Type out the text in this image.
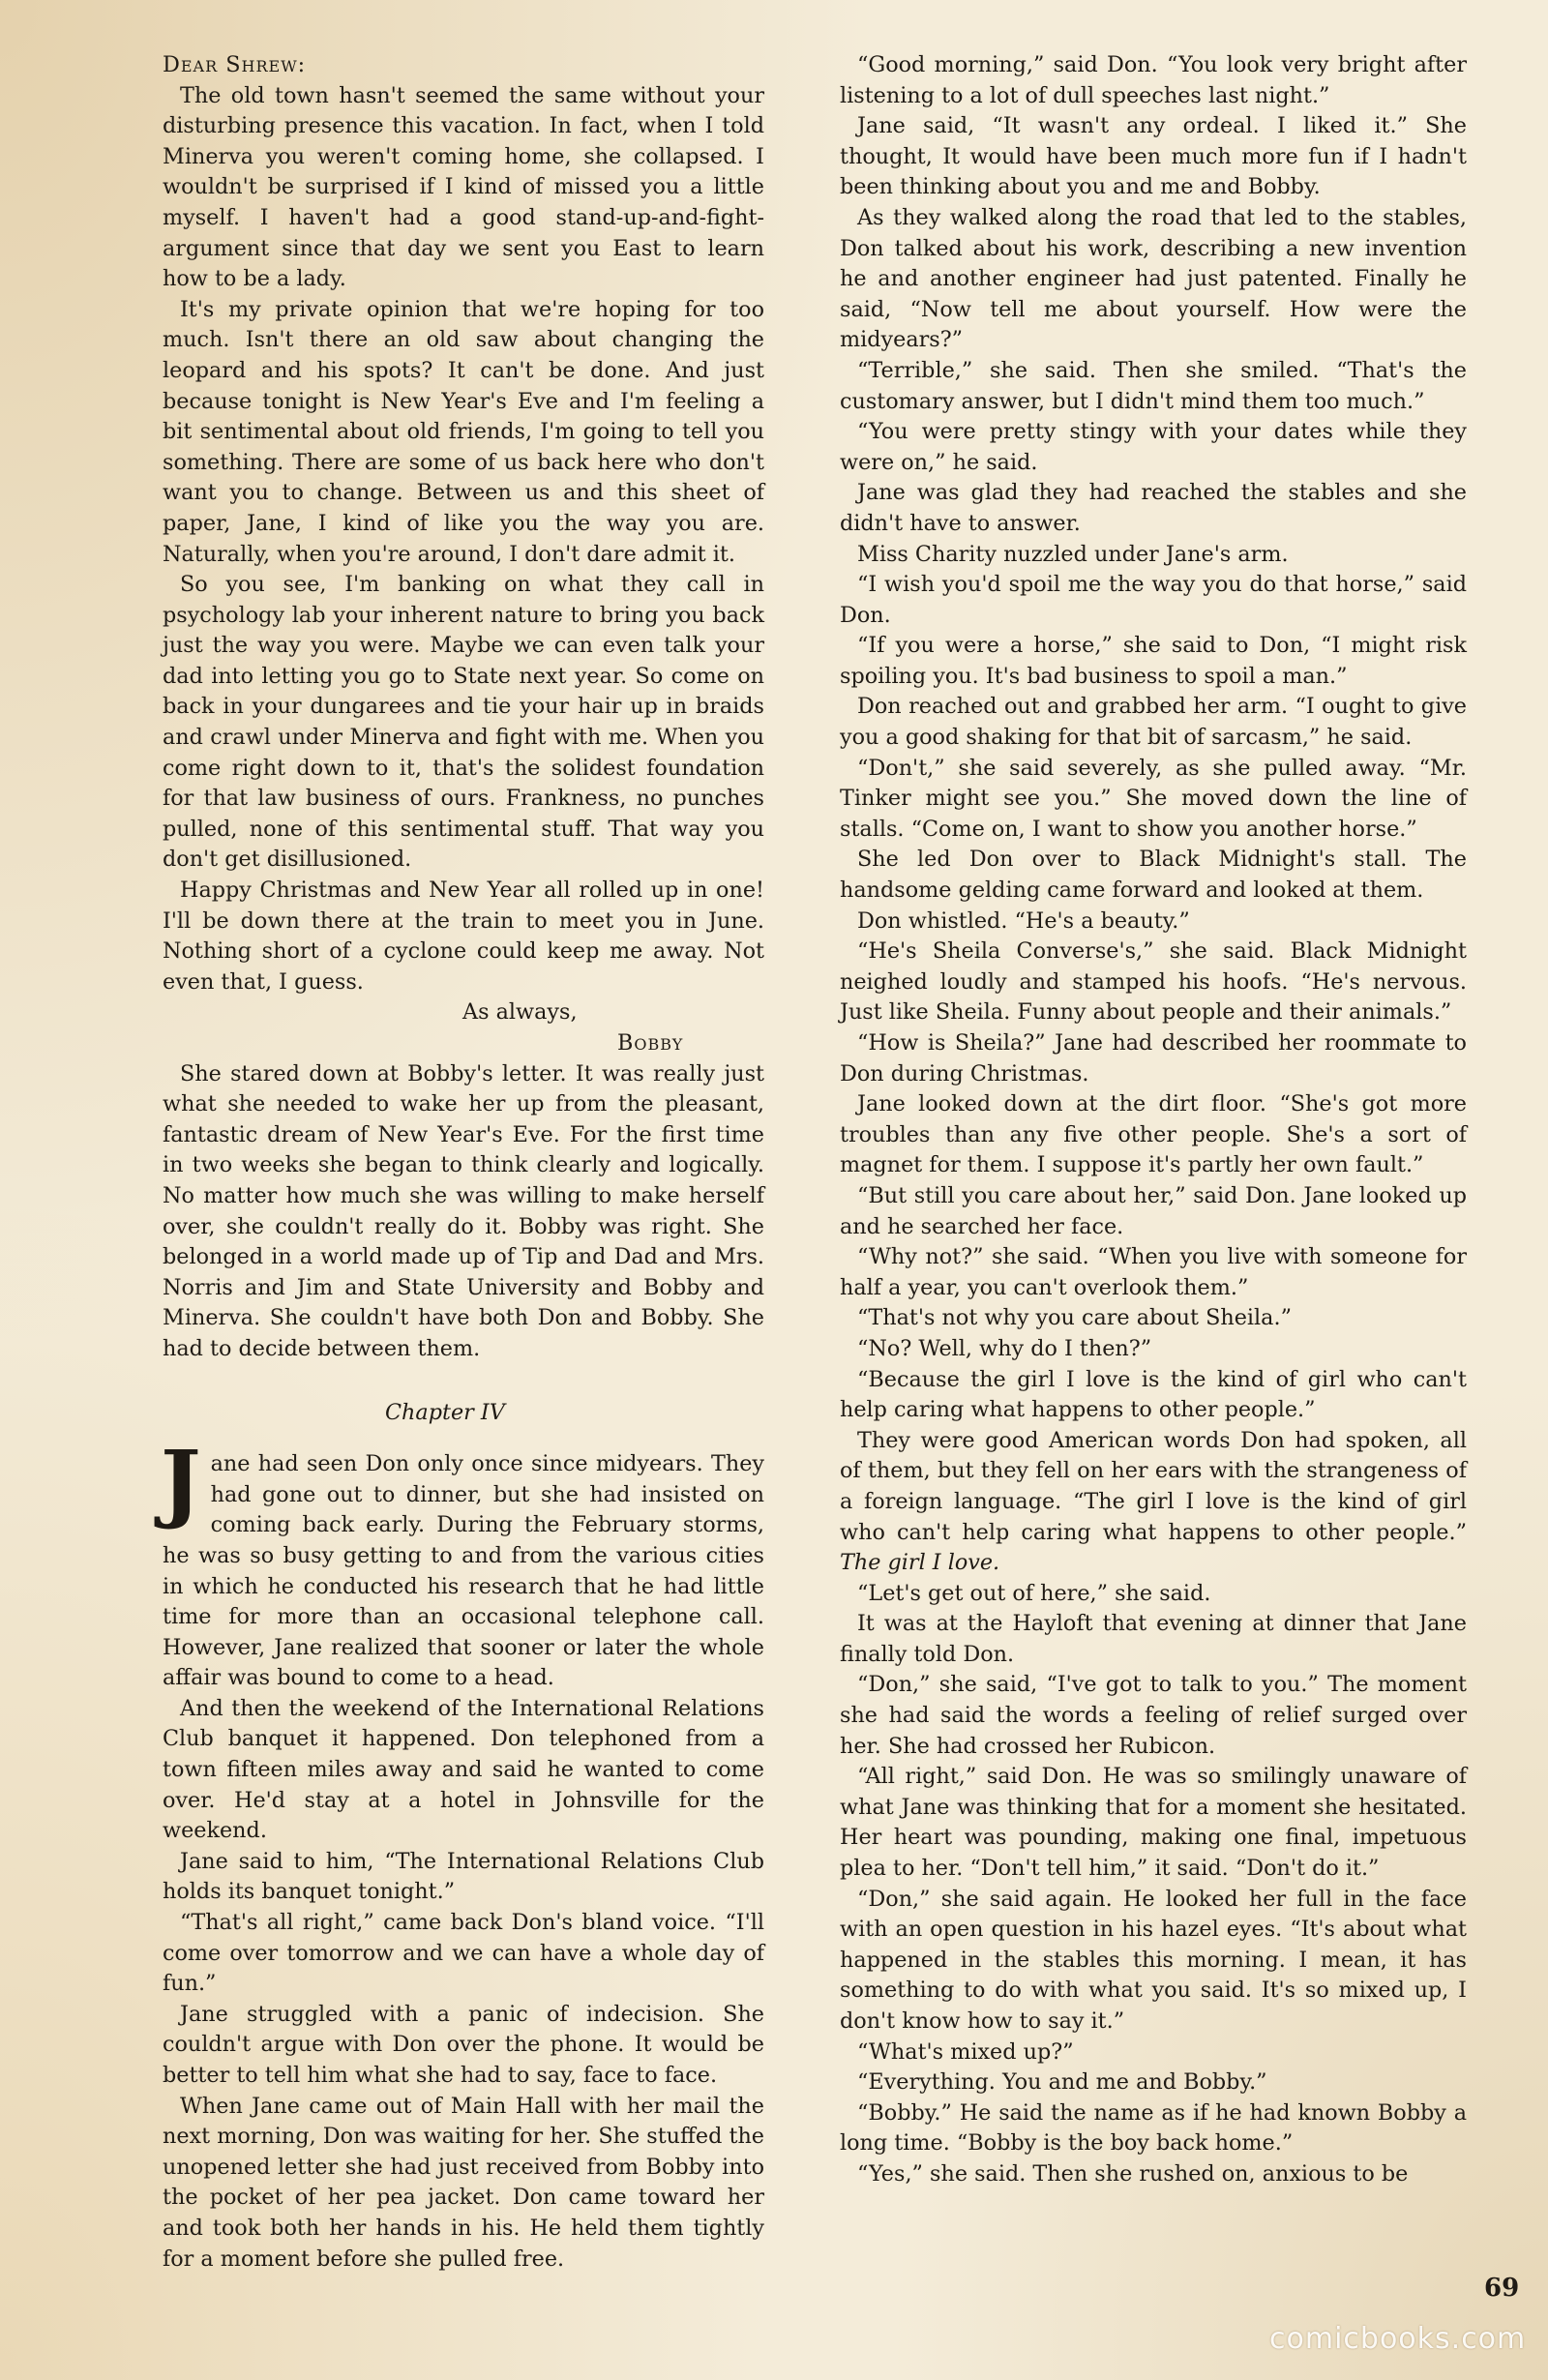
Dear Shrew:

The old town hasn't seemed the same without your disturbing presence this vacation. In fact, when I told Minerva you weren't coming home, she collapsed. I wouldn't be surprised if I kind of missed you a little myself. I haven't had a good stand-up-and-fight-argument since that day we sent you East to learn how to be a lady.

It's my private opinion that we're hoping for too much. Isn't there an old saw about changing the leopard and his spots? It can't be done. And just because tonight is New Year's Eve and I'm feeling a bit sentimental about old friends, I'm going to tell you something. There are some of us back here who don't want you to change. Between us and this sheet of paper, Jane, I kind of like you the way you are. Naturally, when you're around, I don't dare admit it.

So you see, I'm banking on what they call in psychology lab your inherent nature to bring you back just the way you were. Maybe we can even talk your dad into letting you go to State next year. So come on back in your dungarees and tie your hair up in braids and crawl under Minerva and fight with me. When you come right down to it, that's the solidest foundation for that law business of ours. Frankness, no punches pulled, none of this sentimental stuff. That way you don't get disillusioned.

Happy Christmas and New Year all rolled up in one! I'll be down there at the train to meet you in June. Nothing short of a cyclone could keep me away. Not even that, I guess.

As always,

Bobby

She stared down at Bobby's letter. It was really just what she needed to wake her up from the pleasant, fantastic dream of New Year's Eve. For the first time in two weeks she began to think clearly and logically. No matter how much she was willing to make herself over, she couldn't really do it. Bobby was right. She belonged in a world made up of Tip and Dad and Mrs. Norris and Jim and State University and Bobby and Minerva. She couldn't have both Don and Bobby. She had to decide between them.

Chapter IV

Jane had seen Don only once since midyears. They had gone out to dinner, but she had insisted on coming back early. During the February storms, he was so busy getting to and from the various cities in which he conducted his research that he had little time for more than an occasional telephone call. However, Jane realized that sooner or later the whole affair was bound to come to a head.

And then the weekend of the International Relations Club banquet it happened. Don telephoned from a town fifteen miles away and said he wanted to come over. He'd stay at a hotel in Johnsville for the weekend.

Jane said to him, “The International Relations Club holds its banquet tonight.”

“That's all right,” came back Don's bland voice. “I'll come over tomorrow and we can have a whole day of fun.”

Jane struggled with a panic of indecision. She couldn't argue with Don over the phone. It would be better to tell him what she had to say, face to face.

When Jane came out of Main Hall with her mail the next morning, Don was waiting for her. She stuffed the unopened letter she had just received from Bobby into the pocket of her pea jacket. Don came toward her and took both her hands in his. He held them tightly for a moment before she pulled free.

“Good morning,” said Don. “You look very bright after listening to a lot of dull speeches last night.”

Jane said, “It wasn't any ordeal. I liked it.” She thought, It would have been much more fun if I hadn't been thinking about you and me and Bobby.

As they walked along the road that led to the stables, Don talked about his work, describing a new invention he and another engineer had just patented. Finally he said, “Now tell me about yourself. How were the midyears?”

“Terrible,” she said. Then she smiled. “That's the customary answer, but I didn't mind them too much.”

“You were pretty stingy with your dates while they were on,” he said.

Jane was glad they had reached the stables and she didn't have to answer.

Miss Charity nuzzled under Jane's arm.

“I wish you'd spoil me the way you do that horse,” said Don.

“If you were a horse,” she said to Don, “I might risk spoiling you. It's bad business to spoil a man.”

Don reached out and grabbed her arm. “I ought to give you a good shaking for that bit of sarcasm,” he said.

“Don't,” she said severely, as she pulled away. “Mr. Tinker might see you.” She moved down the line of stalls. “Come on, I want to show you another horse.”

She led Don over to Black Midnight's stall. The handsome gelding came forward and looked at them.

Don whistled. “He's a beauty.”

“He's Sheila Converse's,” she said. Black Midnight neighed loudly and stamped his hoofs. “He's nervous. Just like Sheila. Funny about people and their animals.”

“How is Sheila?” Jane had described her roommate to Don during Christmas.

Jane looked down at the dirt floor. “She's got more troubles than any five other people. She's a sort of magnet for them. I suppose it's partly her own fault.”

“But still you care about her,” said Don. Jane looked up and he searched her face.

“Why not?” she said. “When you live with someone for half a year, you can't overlook them.”

“That's not why you care about Sheila.”

“No? Well, why do I then?”

“Because the girl I love is the kind of girl who can't help caring what happens to other people.”

They were good American words Don had spoken, all of them, but they fell on her ears with the strangeness of a foreign language. “The girl I love is the kind of girl who can't help caring what happens to other people.” The girl I love.

“Let's get out of here,” she said.

It was at the Hayloft that evening at dinner that Jane finally told Don.

“Don,” she said, “I've got to talk to you.” The moment she had said the words a feeling of relief surged over her. She had crossed her Rubicon.

“All right,” said Don. He was so smilingly unaware of what Jane was thinking that for a moment she hesitated. Her heart was pounding, making one final, impetuous plea to her. “Don't tell him,” it said. “Don't do it.”

“Don,” she said again. He looked her full in the face with an open question in his hazel eyes. “It's about what happened in the stables this morning. I mean, it has something to do with what you said. It's so mixed up, I don't know how to say it.”

“What's mixed up?”

“Everything. You and me and Bobby.”

“Bobby.” He said the name as if he had known Bobby a long time. “Bobby is the boy back home.”

“Yes,” she said. Then she rushed on, anxious to be

69
comicbooks.com
